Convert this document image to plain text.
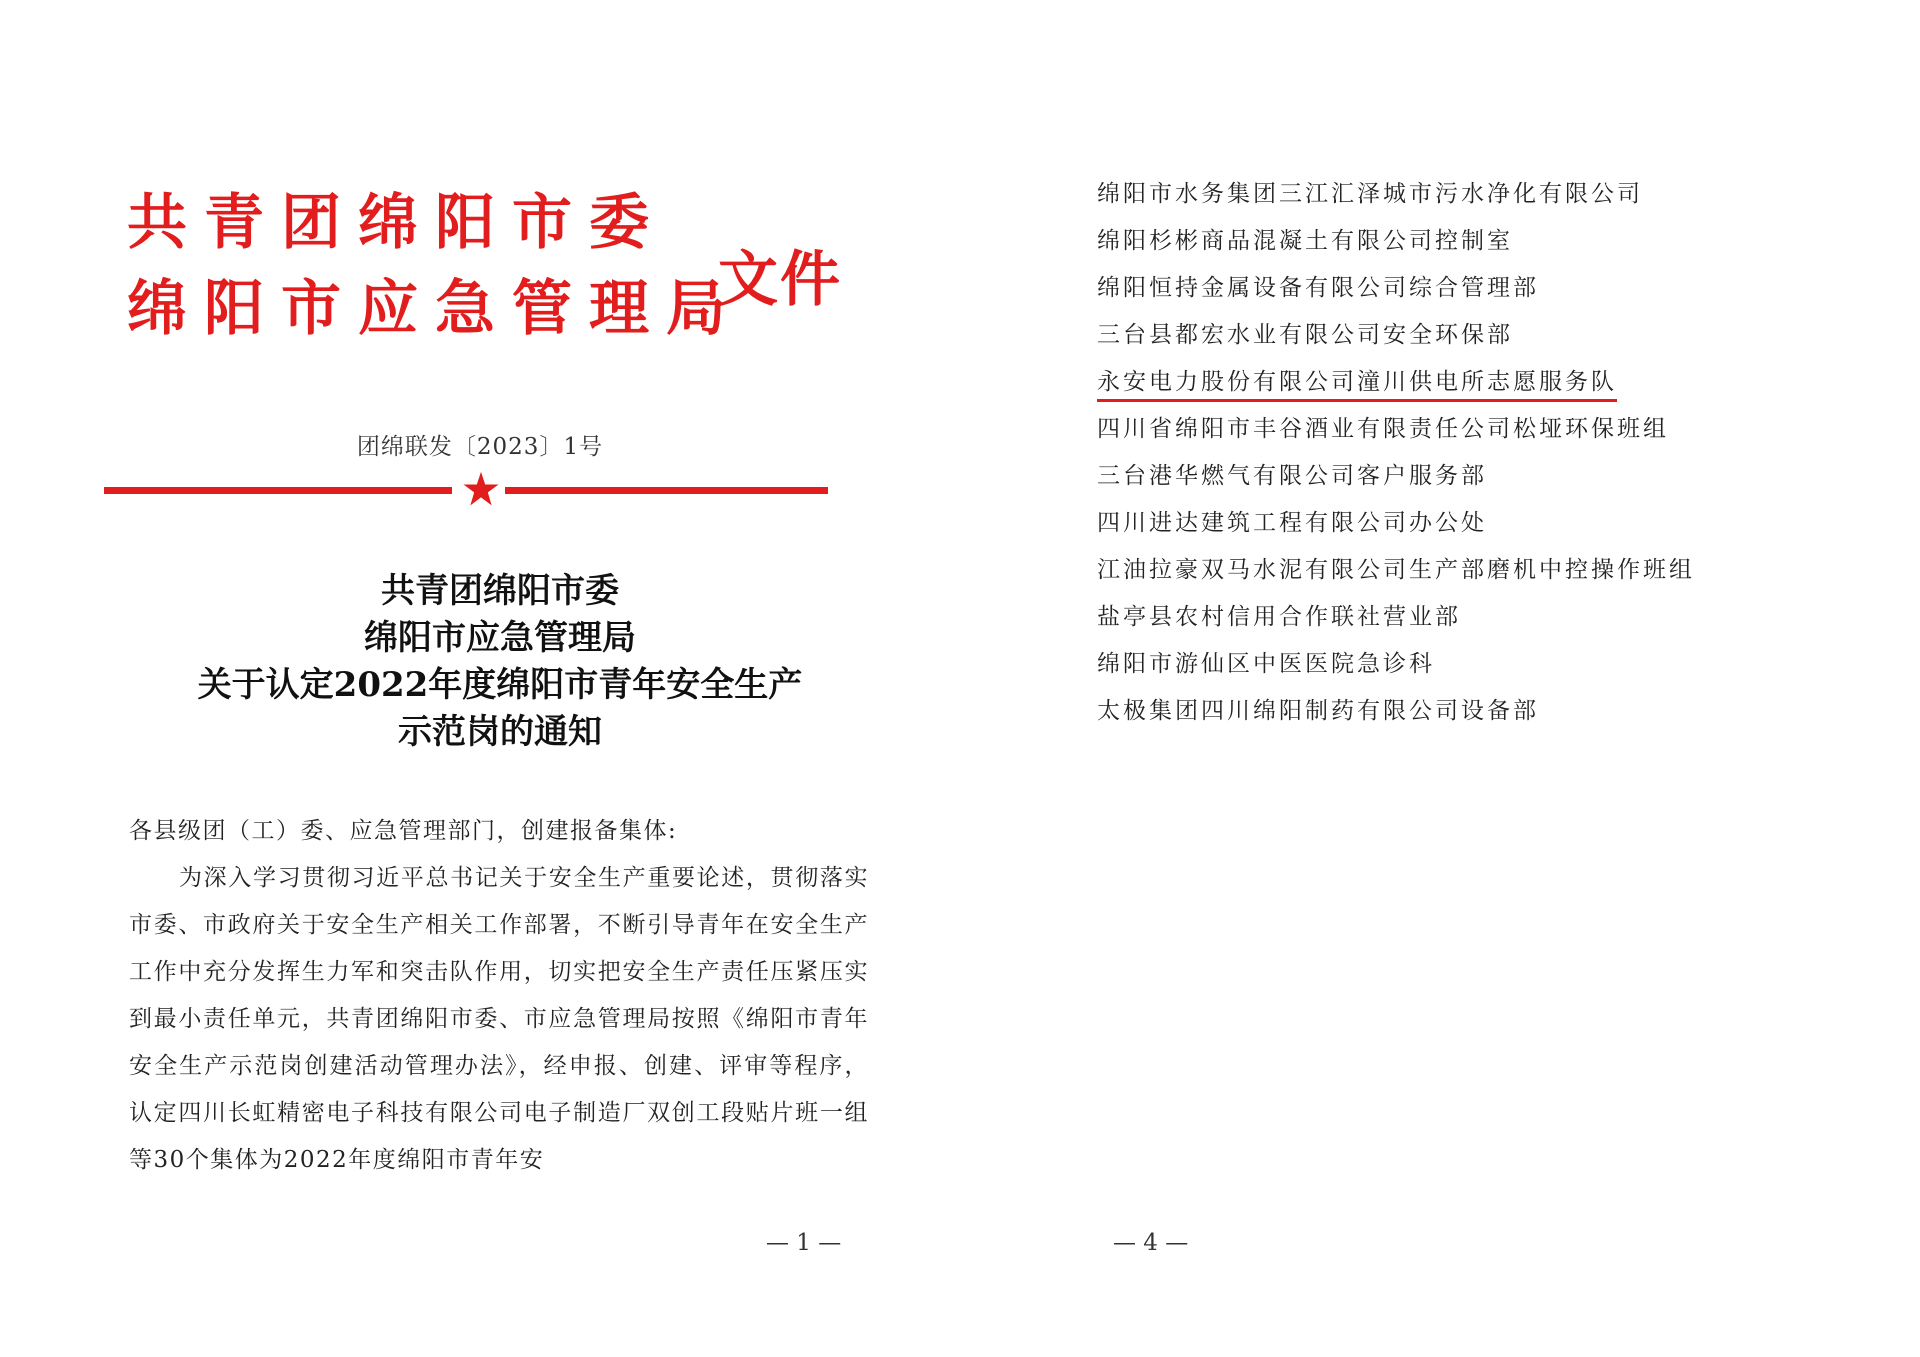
共青团绵阳市委
绵阳市应急管理局
文件
团绵联发〔2023〕1号
共青团绵阳市委
绵阳市应急管理局
关于认定2022年度绵阳市青年安全生产
示范岗的通知

各县级团（工）委、应急管理部门，创建报备集体:

为深入学习贯彻习近平总书记关于安全生产重要论述，贯彻落实市委、市政府关于安全生产相关工作部署，不断引导青年在安全生产工作中充分发挥生力军和突击队作用，切实把安全生产责任压紧压实到最小责任单元，共青团绵阳市委、市应急管理局按照《绵阳市青年安全生产示范岗创建活动管理办法》，经申报、创建、评审等程序，认定四川长虹精密电子科技有限公司电子制造厂双创工段贴片班一组等30个集体为2022年度绵阳市青年安

— 1 —
绵阳市水务集团三江汇泽城市污水净化有限公司
绵阳杉彬商品混凝土有限公司控制室
绵阳恒持金属设备有限公司综合管理部
三台县都宏水业有限公司安全环保部
永安电力股份有限公司潼川供电所志愿服务队
四川省绵阳市丰谷酒业有限责任公司松垭环保班组
三台港华燃气有限公司客户服务部
四川进达建筑工程有限公司办公处
江油拉豪双马水泥有限公司生产部磨机中控操作班组
盐亭县农村信用合作联社营业部
绵阳市游仙区中医医院急诊科
太极集团四川绵阳制药有限公司设备部
— 4 —
